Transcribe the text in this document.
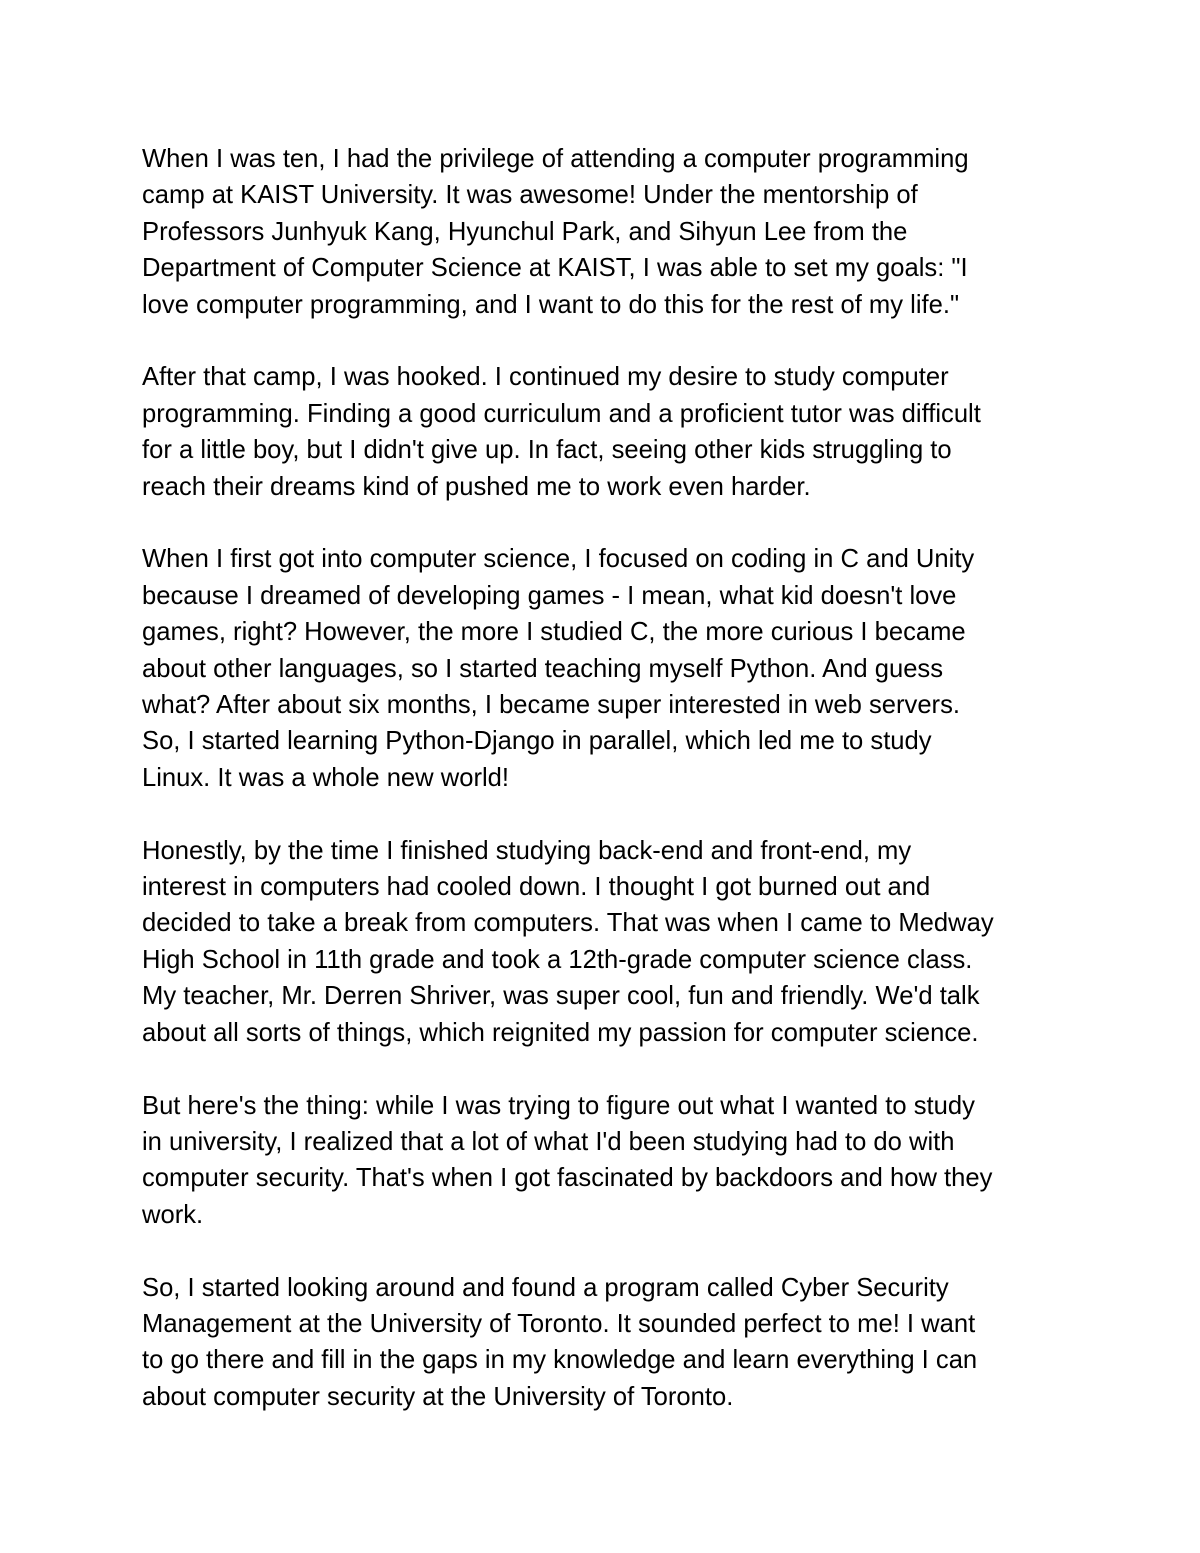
When I was ten, I had the privilege of attending a computer programming
camp at KAIST University. It was awesome! Under the mentorship of
Professors Junhyuk Kang, Hyunchul Park, and Sihyun Lee from the
Department of Computer Science at KAIST, I was able to set my goals: "I
love computer programming, and I want to do this for the rest of my life."

After that camp, I was hooked. I continued my desire to study computer
programming. Finding a good curriculum and a proficient tutor was difficult
for a little boy, but I didn't give up. In fact, seeing other kids struggling to
reach their dreams kind of pushed me to work even harder.

When I first got into computer science, I focused on coding in C and Unity
because I dreamed of developing games - I mean, what kid doesn't love
games, right? However, the more I studied C, the more curious I became
about other languages, so I started teaching myself Python. And guess
what? After about six months, I became super interested in web servers.
So, I started learning Python-Django in parallel, which led me to study
Linux. It was a whole new world!

Honestly, by the time I finished studying back-end and front-end, my
interest in computers had cooled down. I thought I got burned out and
decided to take a break from computers. That was when I came to Medway
High School in 11th grade and took a 12th-grade computer science class.
My teacher, Mr. Derren Shriver, was super cool, fun and friendly. We'd talk
about all sorts of things, which reignited my passion for computer science.

But here's the thing: while I was trying to figure out what I wanted to study
in university, I realized that a lot of what I'd been studying had to do with
computer security. That's when I got fascinated by backdoors and how they
work.

So, I started looking around and found a program called Cyber Security
Management at the University of Toronto. It sounded perfect to me! I want
to go there and fill in the gaps in my knowledge and learn everything I can
about computer security at the University of Toronto.
